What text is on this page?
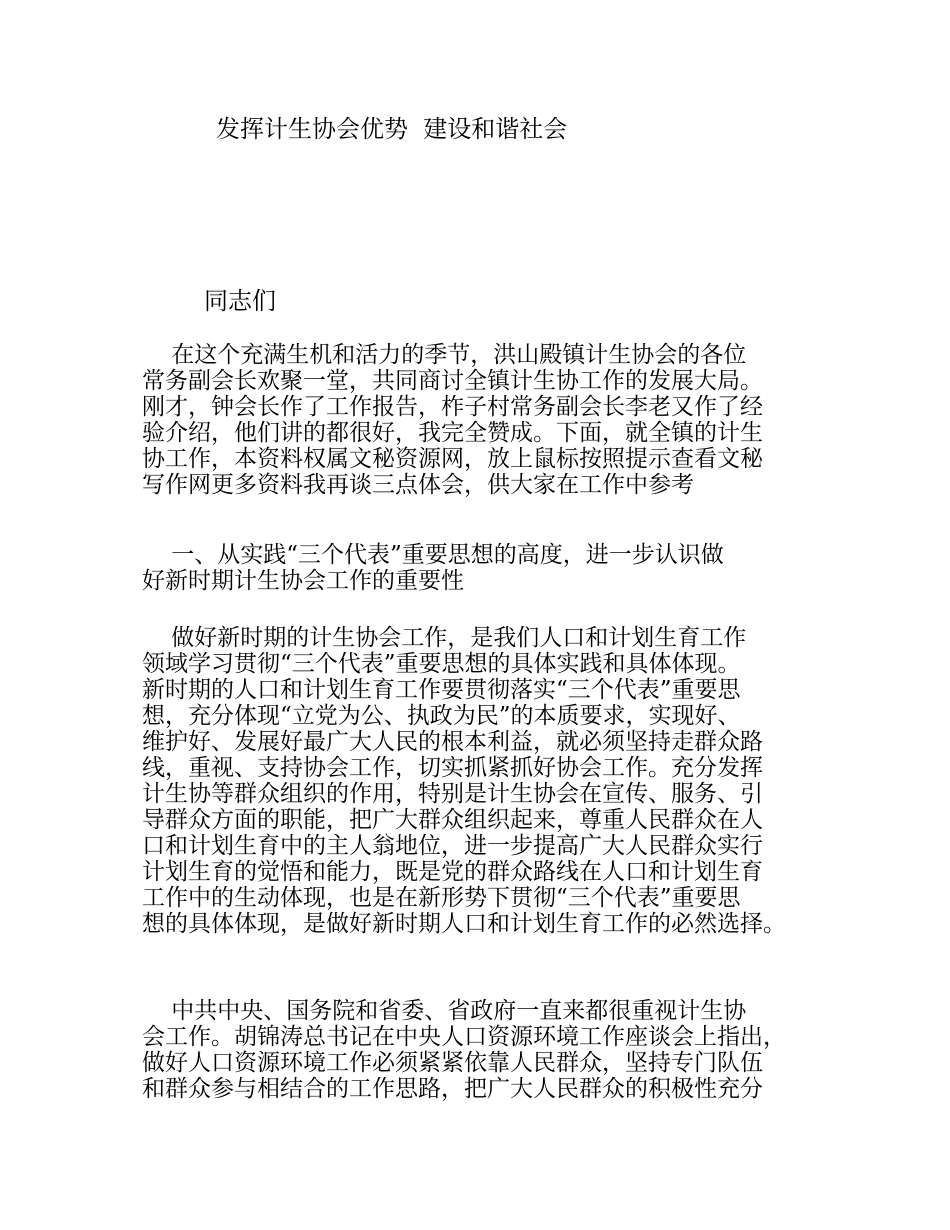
发挥计生协会优势  建设和谐社会

同志们

在这个充满生机和活力的季节，洪山殿镇计生协会的各位
常务副会长欢聚一堂，共同商讨全镇计生协工作的发展大局。
刚才，钟会长作了工作报告，柞子村常务副会长李老又作了经
验介绍，他们讲的都很好，我完全赞成。下面，就全镇的计生
协工作，本资料权属文秘资源网，放上鼠标按照提示查看文秘
写作网更多资料我再谈三点体会，供大家在工作中参考
一、从实践“三个代表”重要思想的高度，进一步认识做
好新时期计生协会工作的重要性
做好新时期的计生协会工作，是我们人口和计划生育工作
领域学习贯彻“三个代表”重要思想的具体实践和具体体现。
新时期的人口和计划生育工作要贯彻落实“三个代表”重要思
想，充分体现“立党为公、执政为民”的本质要求，实现好、
维护好、发展好最广大人民的根本利益，就必须坚持走群众路
线，重视、支持协会工作，切实抓紧抓好协会工作。充分发挥
计生协等群众组织的作用，特别是计生协会在宣传、服务、引
导群众方面的职能，把广大群众组织起来，尊重人民群众在人
口和计划生育中的主人翁地位，进一步提高广大人民群众实行
计划生育的觉悟和能力，既是党的群众路线在人口和计划生育
工作中的生动体现，也是在新形势下贯彻“三个代表”重要思
想的具体体现，是做好新时期人口和计划生育工作的必然选择。
中共中央、国务院和省委、省政府一直来都很重视计生协
会工作。胡锦涛总书记在中央人口资源环境工作座谈会上指出，
做好人口资源环境工作必须紧紧依靠人民群众，坚持专门队伍
和群众参与相结合的工作思路，把广大人民群众的积极性充分
